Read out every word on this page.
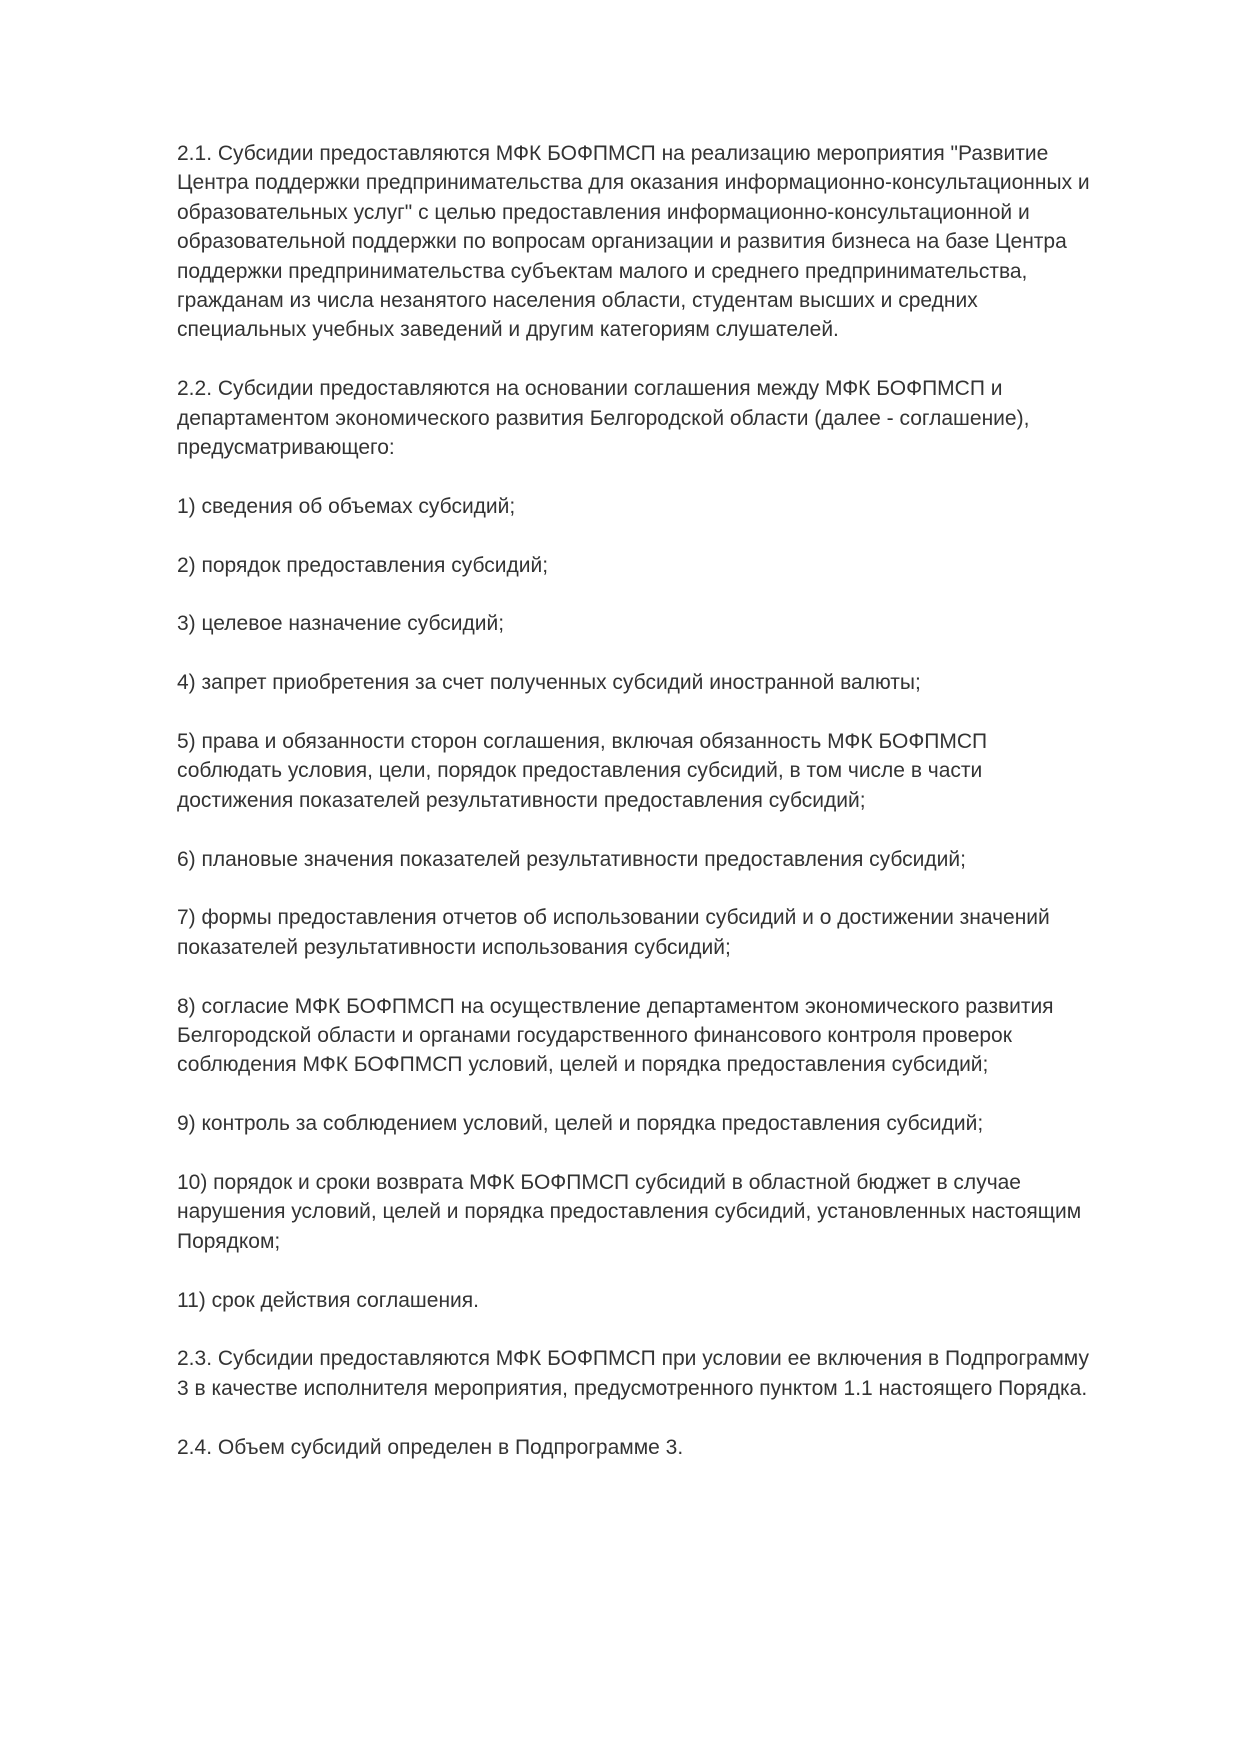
2.1. Субсидии предоставляются МФК БОФПМСП на реализацию мероприятия "Развитие
Центра поддержки предпринимательства для оказания информационно-консультационных и
образовательных услуг" с целью предоставления информационно-консультационной и
образовательной поддержки по вопросам организации и развития бизнеса на базе Центра
поддержки предпринимательства субъектам малого и среднего предпринимательства,
гражданам из числа незанятого населения области, студентам высших и средних
специальных учебных заведений и другим категориям слушателей.

2.2. Субсидии предоставляются на основании соглашения между МФК БОФПМСП и
департаментом экономического развития Белгородской области (далее - соглашение),
предусматривающего:

1) сведения об объемах субсидий;

2) порядок предоставления субсидий;

3) целевое назначение субсидий;

4) запрет приобретения за счет полученных субсидий иностранной валюты;

5) права и обязанности сторон соглашения, включая обязанность МФК БОФПМСП
соблюдать условия, цели, порядок предоставления субсидий, в том числе в части
достижения показателей результативности предоставления субсидий;

6) плановые значения показателей результативности предоставления субсидий;

7) формы предоставления отчетов об использовании субсидий и о достижении значений
показателей результативности использования субсидий;

8) согласие МФК БОФПМСП на осуществление департаментом экономического развития
Белгородской области и органами государственного финансового контроля проверок
соблюдения МФК БОФПМСП условий, целей и порядка предоставления субсидий;

9) контроль за соблюдением условий, целей и порядка предоставления субсидий;

10) порядок и сроки возврата МФК БОФПМСП субсидий в областной бюджет в случае
нарушения условий, целей и порядка предоставления субсидий, установленных настоящим
Порядком;

11) срок действия соглашения.

2.3. Субсидии предоставляются МФК БОФПМСП при условии ее включения в Подпрограмму
3 в качестве исполнителя мероприятия, предусмотренного пунктом 1.1 настоящего Порядка.

2.4. Объем субсидий определен в Подпрограмме 3.
